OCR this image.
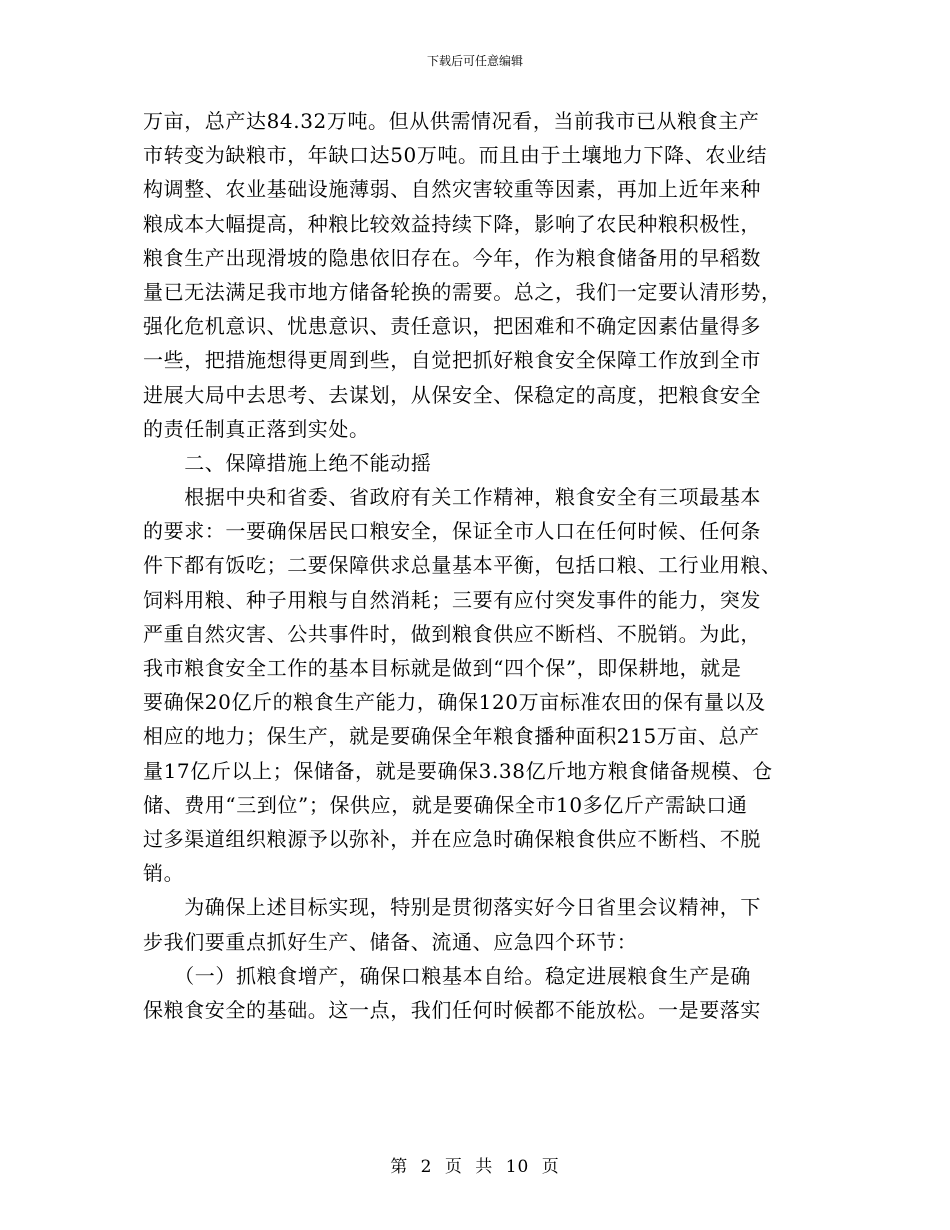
下载后可任意编辑
万亩，总产达84.32万吨。但从供需情况看，当前我市已从粮食主产
市转变为缺粮市，年缺口达50万吨。而且由于土壤地力下降、农业结
构调整、农业基础设施薄弱、自然灾害较重等因素，再加上近年来种
粮成本大幅提高，种粮比较效益持续下降，影响了农民种粮积极性，
粮食生产出现滑坡的隐患依旧存在。今年，作为粮食储备用的早稻数
量已无法满足我市地方储备轮换的需要。总之，我们一定要认清形势，
强化危机意识、忧患意识、责任意识，把困难和不确定因素估量得多
一些，把措施想得更周到些，自觉把抓好粮食安全保障工作放到全市
进展大局中去思考、去谋划，从保安全、保稳定的高度，把粮食安全
的责任制真正落到实处。
　　二、保障措施上绝不能动摇
　　根据中央和省委、省政府有关工作精神，粮食安全有三项最基本
的要求：一要确保居民口粮安全，保证全市人口在任何时候、任何条
件下都有饭吃；二要保障供求总量基本平衡，包括口粮、工行业用粮、
饲料用粮、种子用粮与自然消耗；三要有应付突发事件的能力，突发
严重自然灾害、公共事件时，做到粮食供应不断档、不脱销。为此，
我市粮食安全工作的基本目标就是做到“四个保”，即保耕地，就是
要确保20亿斤的粮食生产能力，确保120万亩标准农田的保有量以及
相应的地力；保生产，就是要确保全年粮食播种面积215万亩、总产
量17亿斤以上；保储备，就是要确保3.38亿斤地方粮食储备规模、仓
储、费用“三到位”；保供应，就是要确保全市10多亿斤产需缺口通
过多渠道组织粮源予以弥补，并在应急时确保粮食供应不断档、不脱
销。
　　为确保上述目标实现，特别是贯彻落实好今日省里会议精神，下
步我们要重点抓好生产、储备、流通、应急四个环节：
　　（一）抓粮食增产，确保口粮基本自给。稳定进展粮食生产是确
保粮食安全的基础。这一点，我们任何时候都不能放松。一是要落实
第 2 页 共 10 页
